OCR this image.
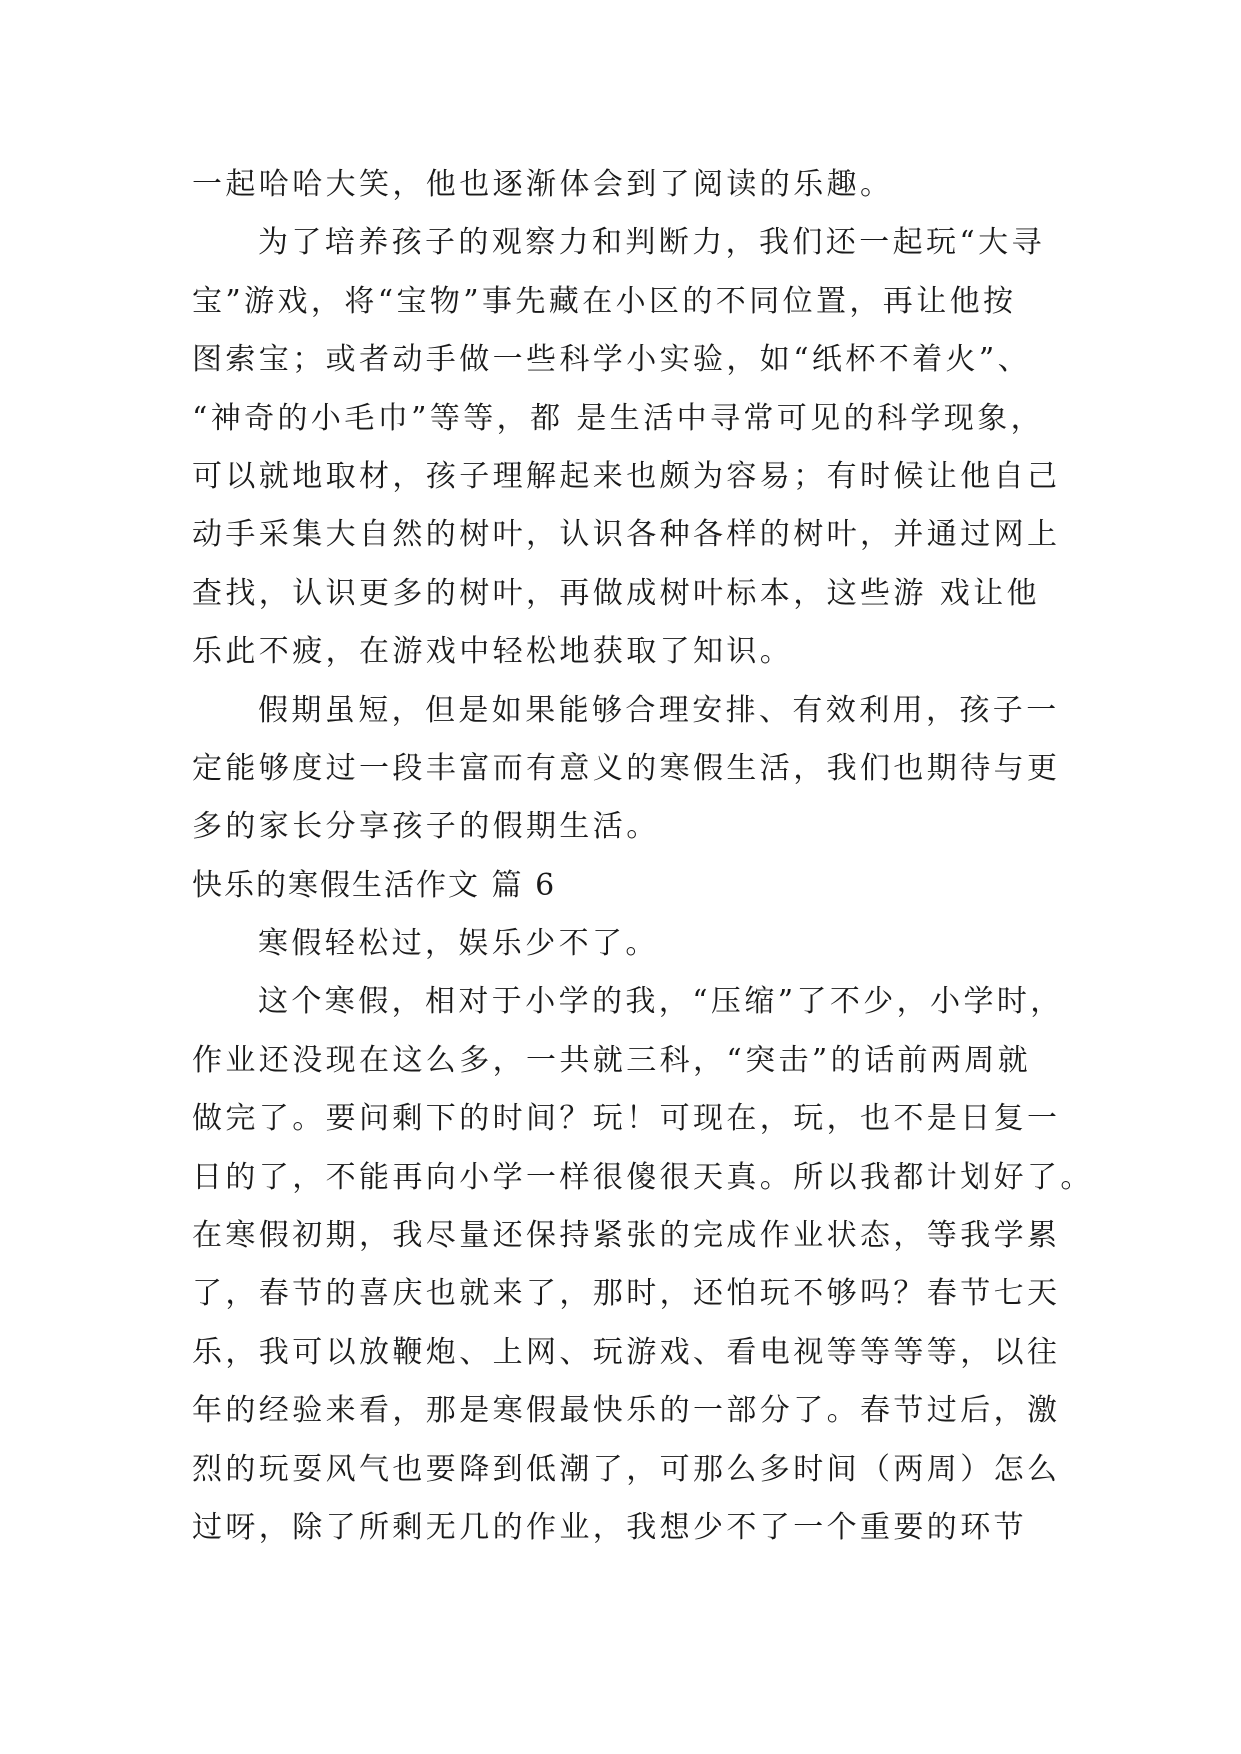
一起哈哈大笑，他也逐渐体会到了阅读的乐趣。
为了培养孩子的观察力和判断力，我们还一起玩“大寻
宝”游戏，将“宝物”事先藏在小区的不同位置，再让他按
图索宝；或者动手做一些科学小实验，如“纸杯不着火”、
“神奇的小毛巾”等等，都 是生活中寻常可见的科学现象，
可以就地取材，孩子理解起来也颇为容易；有时候让他自己
动手采集大自然的树叶，认识各种各样的树叶，并通过网上
查找，认识更多的树叶，再做成树叶标本，这些游 戏让他
乐此不疲，在游戏中轻松地获取了知识。
假期虽短，但是如果能够合理安排、有效利用，孩子一
定能够度过一段丰富而有意义的寒假生活，我们也期待与更
多的家长分享孩子的假期生活。
快乐的寒假生活作文 篇 6
寒假轻松过，娱乐少不了。
这个寒假，相对于小学的我，“压缩”了不少，小学时，
作业还没现在这么多，一共就三科，“突击”的话前两周就
做完了。要问剩下的时间？玩！可现在，玩，也不是日复一
日的了，不能再向小学一样很傻很天真。所以我都计划好了。
在寒假初期，我尽量还保持紧张的完成作业状态，等我学累
了，春节的喜庆也就来了，那时，还怕玩不够吗？春节七天
乐，我可以放鞭炮、上网、玩游戏、看电视等等等等，以往
年的经验来看，那是寒假最快乐的一部分了。春节过后，激
烈的玩耍风气也要降到低潮了，可那么多时间（两周）怎么
过呀，除了所剩无几的作业，我想少不了一个重要的环节
